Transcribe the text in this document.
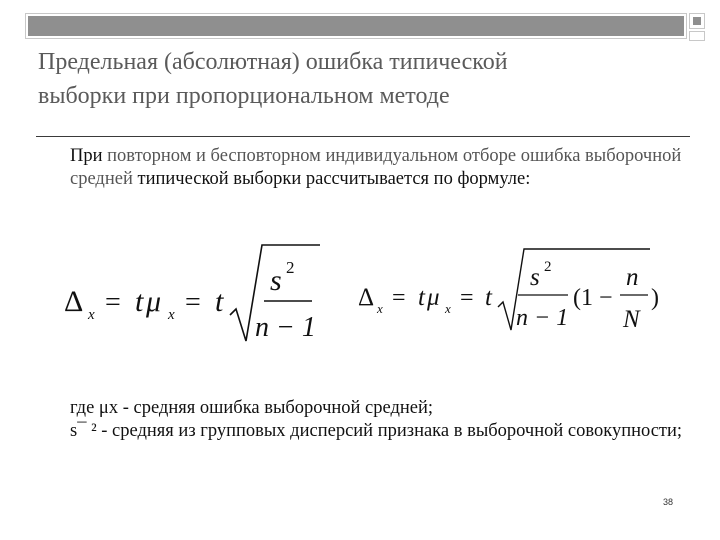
Предельная (абсолютная) ошибка типической
выборки при пропорциональном методе
При повторном и бесповторном индивидуальном отборе ошибка выборочной средней типической выборки рассчитывается по формуле:
Δ x = t μ x = t
s 2
n − 1
Δ x = t μ x = t
s 2
n − 1
(1 −
n
N
)

где μx - средняя ошибка выборочной средней;

s¯ ² - средняя из групповых дисперсий признака в выборочной совокупности;

38
